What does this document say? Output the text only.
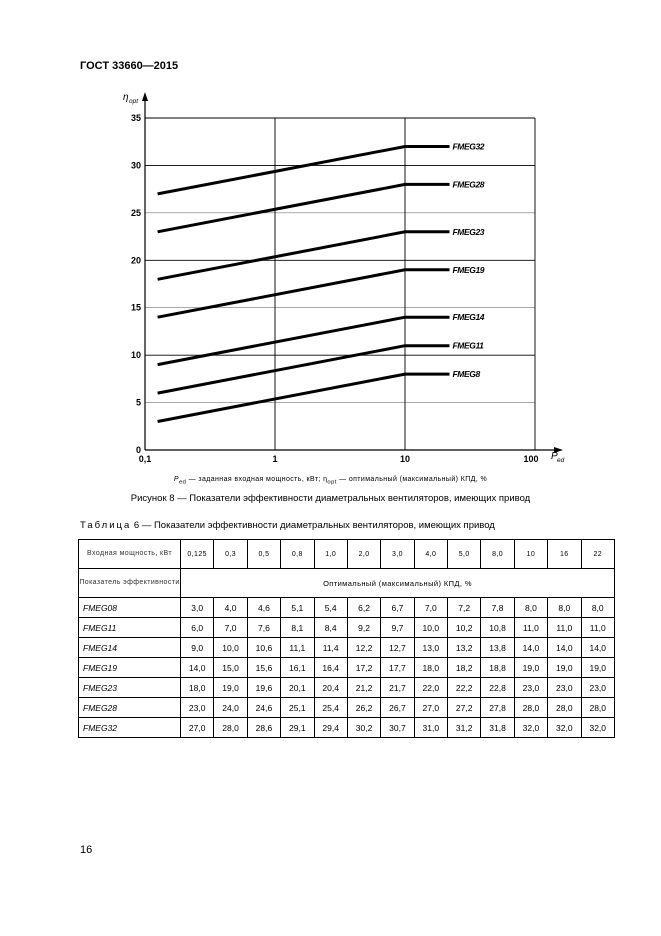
ГОСТ 33660—2015
0
5
10
15
20
25
30
35
0,1	1	10	100
η opt
P ed
FMEG32
FMEG28
FMEG23
FMEG19
FMEG14
FMEG11
FMEG8
$P_{ed}$ — заданная входная мощность, кВт; $\eta_{opt}$ — оптимальный (максимальный) КПД, %
Рисунок 8 — Показатели эффективности диаметральных вентиляторов, имеющих привод
Таблица 6 — Показатели эффективности диаметральных вентиляторов, имеющих привод
Входная мощность, кВт	0,125	0,3	0,5	0,8	1,0	2,0	3,0	4,0	5,0	8,0	10	16	22
Показатель эффективности	Оптимальный (максимальный) КПД, %												
FMEG08	3,0	4,0	4,6	5,1	5,4	6,2	6,7	7,0	7,2	7,8	8,0	8,0	8,0
FMEG11	6,0	7,0	7,6	8,1	8,4	9,2	9,7	10,0	10,2	10,8	11,0	11,0	11,0
FMEG14	9,0	10,0	10,6	11,1	11,4	12,2	12,7	13,0	13,2	13,8	14,0	14,0	14,0
FMEG19	14,0	15,0	15,6	16,1	16,4	17,2	17,7	18,0	18,2	18,8	19,0	19,0	19,0
FMEG23	18,0	19,0	19,6	20,1	20,4	21,2	21,7	22,0	22,2	22,8	23,0	23,0	23,0
FMEG28	23,0	24,0	24,6	25,1	25,4	26,2	26,7	27,0	27,2	27,8	28,0	28,0	28,0
FMEG32	27,0	28,0	28,6	29,1	29,4	30,2	30,7	31,0	31,2	31,8	32,0	32,0	32,0
16
